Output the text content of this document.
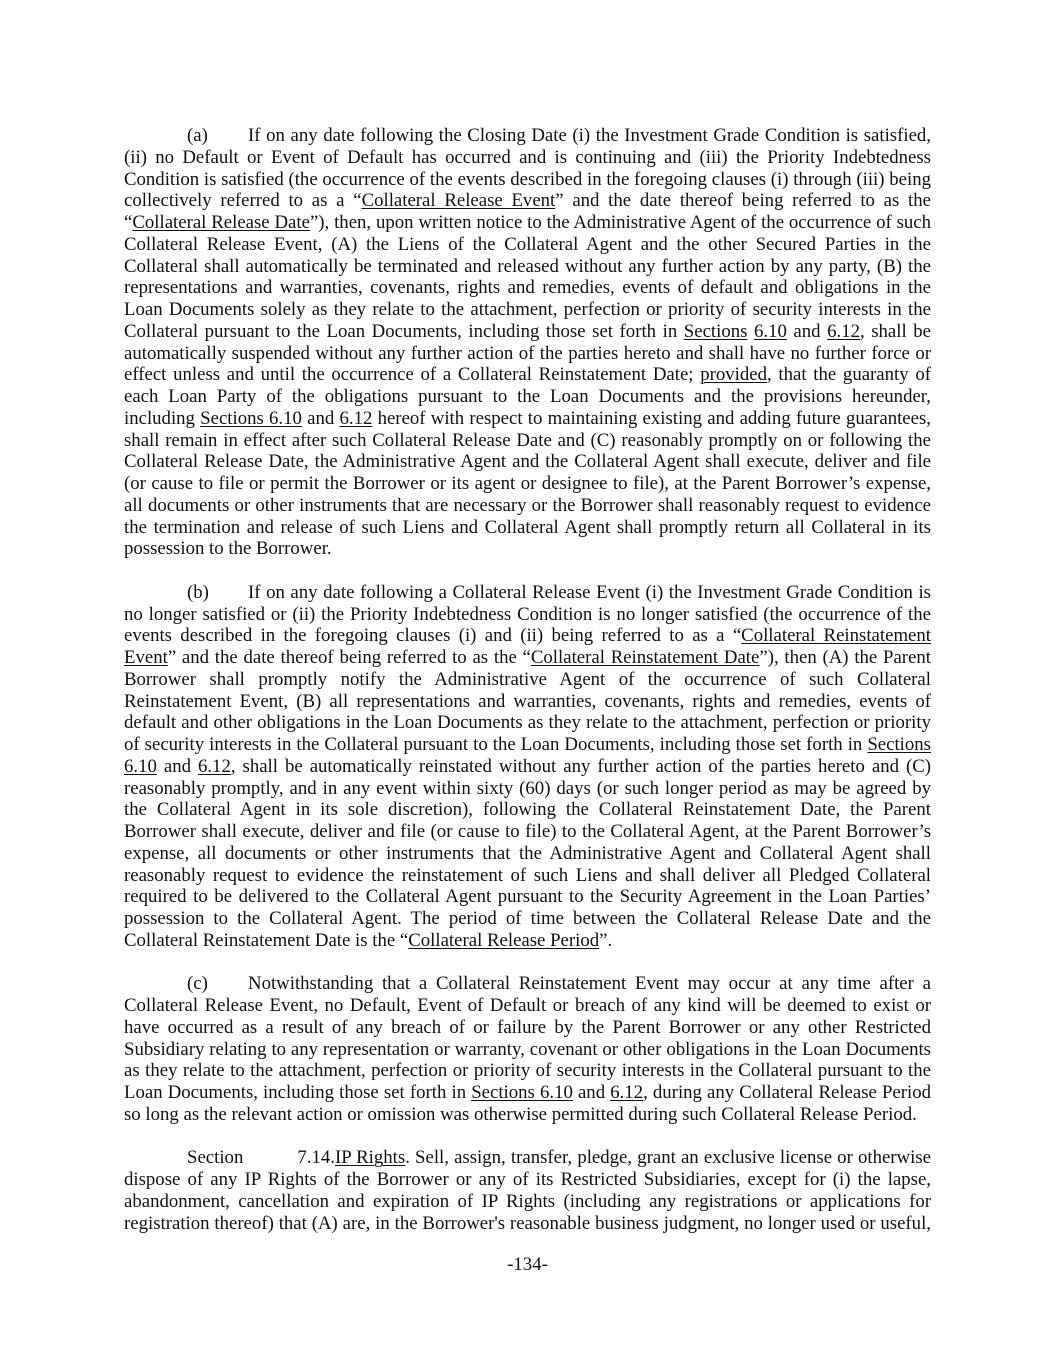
(a) If on any date following the Closing Date (i) the Investment Grade Condition is satisfied, (ii) no Default or Event of Default has occurred and is continuing and (iii) the Priority Indebtedness Condition is satisfied (the occurrence of the events described in the foregoing clauses (i) through (iii) being collectively referred to as a “Collateral Release Event” and the date thereof being referred to as the “Collateral Release Date”), then, upon written notice to the Administrative Agent of the occurrence of such Collateral Release Event, (A) the Liens of the Collateral Agent and the other Secured Parties in the Collateral shall automatically be terminated and released without any further action by any party, (B) the representations and warranties, covenants, rights and remedies, events of default and obligations in the Loan Documents solely as they relate to the attachment, perfection or priority of security interests in the Collateral pursuant to the Loan Documents, including those set forth in Sections 6.10 and 6.12, shall be automatically suspended without any further action of the parties hereto and shall have no further force or effect unless and until the occurrence of a Collateral Reinstatement Date; provided, that the guaranty of each Loan Party of the obligations pursuant to the Loan Documents and the provisions hereunder, including Sections 6.10 and 6.12 hereof with respect to maintaining existing and adding future guarantees, shall remain in effect after such Collateral Release Date and (C) reasonably promptly on or following the Collateral Release Date, the Administrative Agent and the Collateral Agent shall execute, deliver and file (or cause to file or permit the Borrower or its agent or designee to file), at the Parent Borrower’s expense, all documents or other instruments that are necessary or the Borrower shall reasonably request to evidence the termination and release of such Liens and Collateral Agent shall promptly return all Collateral in its possession to the Borrower.

(b) If on any date following a Collateral Release Event (i) the Investment Grade Condition is no longer satisfied or (ii) the Priority Indebtedness Condition is no longer satisfied (the occurrence of the events described in the foregoing clauses (i) and (ii) being referred to as a “Collateral Reinstatement Event” and the date thereof being referred to as the “Collateral Reinstatement Date”), then (A) the Parent Borrower shall promptly notify the Administrative Agent of the occurrence of such Collateral Reinstatement Event, (B) all representations and warranties, covenants, rights and remedies, events of default and other obligations in the Loan Documents as they relate to the attachment, perfection or priority of security interests in the Collateral pursuant to the Loan Documents, including those set forth in Sections 6.10 and 6.12, shall be automatically reinstated without any further action of the parties hereto and (C) reasonably promptly, and in any event within sixty (60) days (or such longer period as may be agreed by the Collateral Agent in its sole discretion), following the Collateral Reinstatement Date, the Parent Borrower shall execute, deliver and file (or cause to file) to the Collateral Agent, at the Parent Borrower’s expense, all documents or other instruments that the Administrative Agent and Collateral Agent shall reasonably request to evidence the reinstatement of such Liens and shall deliver all Pledged Collateral required to be delivered to the Collateral Agent pursuant to the Security Agreement in the Loan Parties’ possession to the Collateral Agent. The period of time between the Collateral Release Date and the Collateral Reinstatement Date is the “Collateral Release Period”.

(c) Notwithstanding that a Collateral Reinstatement Event may occur at any time after a Collateral Release Event, no Default, Event of Default or breach of any kind will be deemed to exist or have occurred as a result of any breach of or failure by the Parent Borrower or any other Restricted Subsidiary relating to any representation or warranty, covenant or other obligations in the Loan Documents as they relate to the attachment, perfection or priority of security interests in the Collateral pursuant to the Loan Documents, including those set forth in Sections 6.10 and 6.12, during any Collateral Release Period so long as the relevant action or omission was otherwise permitted during such Collateral Release Period.

Section 7.14.IP Rights. Sell, assign, transfer, pledge, grant an exclusive license or otherwise dispose of any IP Rights of the Borrower or any of its Restricted Subsidiaries, except for (i) the lapse, abandonment, cancellation and expiration of IP Rights (including any registrations or applications for registration thereof) that (A) are, in the Borrower's reasonable business judgment, no longer used or useful,

-134-
